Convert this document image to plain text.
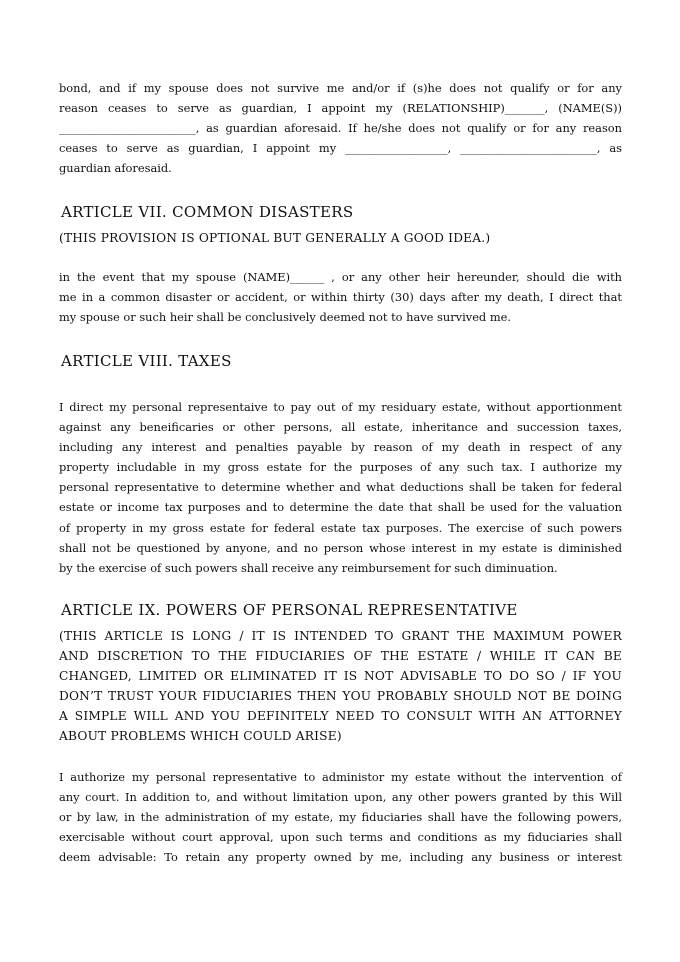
bond, and if my spouse does not survive me and/or if (s)he does not qualify or for any
reason ceases to serve as guardian, I appoint my (RELATIONSHIP)_______, (NAME(S))
________________________, as guardian aforesaid. If he/she does not qualify or for any reason
ceases to serve as guardian, I appoint my __________________, ________________________, as
guardian aforesaid.
ARTICLE VII. COMMON DISASTERS
(THIS PROVISION IS OPTIONAL BUT GENERALLY A GOOD IDEA.)
in the event that my spouse (NAME)______ , or any other heir hereunder, should die with
me in a common disaster or accident, or within thirty (30) days after my death, I direct that
my spouse or such heir shall be conclusively deemed not to have survived me.
ARTICLE VIII. TAXES
I direct my personal representaive to pay out of my residuary estate, without apportionment
against any beneificaries or other persons, all estate, inheritance and succession taxes,
including any interest and penalties payable by reason of my death in respect of any
property includable in my gross estate for the purposes of any such tax. I authorize my
personal representative to determine whether and what deductions shall be taken for federal
estate or income tax purposes and to determine the date that shall be used for the valuation
of property in my gross estate for federal estate tax purposes. The exercise of such powers
shall not be questioned by anyone, and no person whose interest in my estate is diminished
by the exercise of such powers shall receive any reimbursement for such diminuation.
ARTICLE IX. POWERS OF PERSONAL REPRESENTATIVE
(THIS ARTICLE IS LONG / IT IS INTENDED TO GRANT THE MAXIMUM POWER
AND DISCRETION TO THE FIDUCIARIES OF THE ESTATE / WHILE IT CAN BE
CHANGED, LIMITED OR ELIMINATED IT IS NOT ADVISABLE TO DO SO / IF YOU
DON’T TRUST YOUR FIDUCIARIES THEN YOU PROBABLY SHOULD NOT BE DOING
A SIMPLE WILL AND YOU DEFINITELY NEED TO CONSULT WITH AN ATTORNEY
ABOUT PROBLEMS WHICH COULD ARISE)
I authorize my personal representative to administor my estate without the intervention of
any court. In addition to, and without limitation upon, any other powers granted by this Will
or by law, in the administration of my estate, my fiduciaries shall have the following powers,
exercisable without court approval, upon such terms and conditions as my fiduciaries shall
deem advisable: To retain any property owned by me, including any business or interest
